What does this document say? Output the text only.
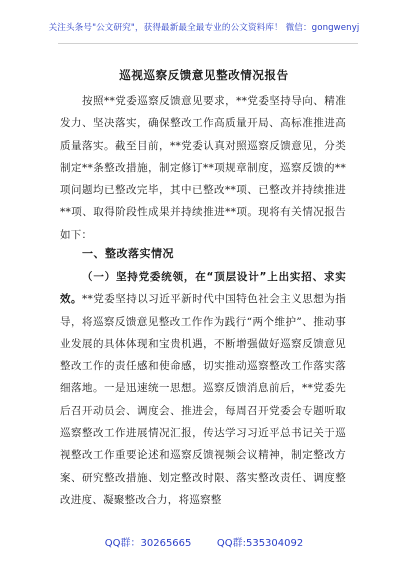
关注头条号"公文研究"，获得最新最全最专业的公文资料库！ 微信：gongwenyj
巡视巡察反馈意见整改情况报告

按照**党委巡察反馈意见要求，**党委坚持导向、精准发力、坚决落实，确保整改工作高质量开局、高标准推进高质量落实。截至目前，**党委认真对照巡察反馈意见，分类制定**条整改措施，制定修订**项规章制度，巡察反馈的**项问题均已整改完毕，其中已整改**项、已整改并持续推进**项、取得阶段性成果并持续推进**项。现将有关情况报告如下：

一、整改落实情况

（一）坚持党委统领，在“顶层设计”上出实招、求实效。**党委坚持以习近平新时代中国特色社会主义思想为指导，将巡察反馈意见整改工作作为践行“两个维护”、推动事业发展的具体体现和宝贵机遇，不断增强做好巡察反馈意见整改工作的责任感和使命感，切实推动巡察整改工作落实落细落地。一是迅速统一思想。巡察反馈消息前后，**党委先后召开动员会、调度会、推进会，每周召开党委会专题听取巡察整改工作进展情况汇报，传达学习习近平总书记关于巡视整改工作重要论述和巡察反馈视频会议精神，制定整改方案、研究整改措施、划定整改时限、落实整改责任、调度整改进度、凝聚整改合力，将巡察整

QQ群：30265665	QQ群:535304092
